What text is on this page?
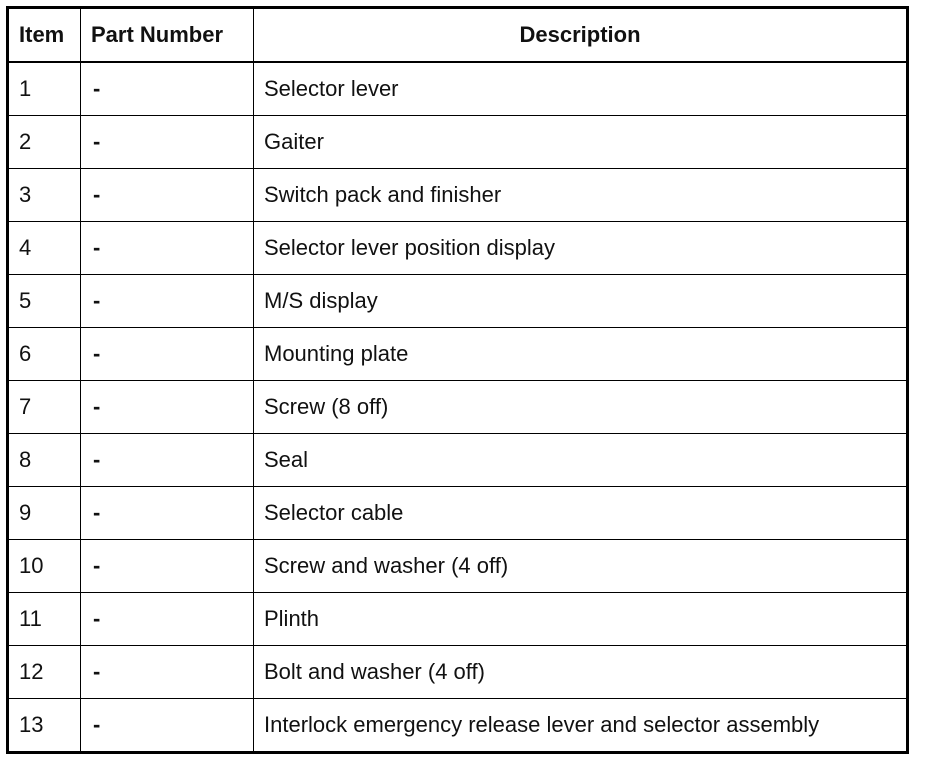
Item	Part Number	Description
1	-	Selector lever
2	-	Gaiter
3	-	Switch pack and finisher
4	-	Selector lever position display
5	-	M/S display
6	-	Mounting plate
7	-	Screw (8 off)
8	-	Seal
9	-	Selector cable
10	-	Screw and washer (4 off)
11	-	Plinth
12	-	Bolt and washer (4 off)
13	-	Interlock emergency release lever and selector assembly
